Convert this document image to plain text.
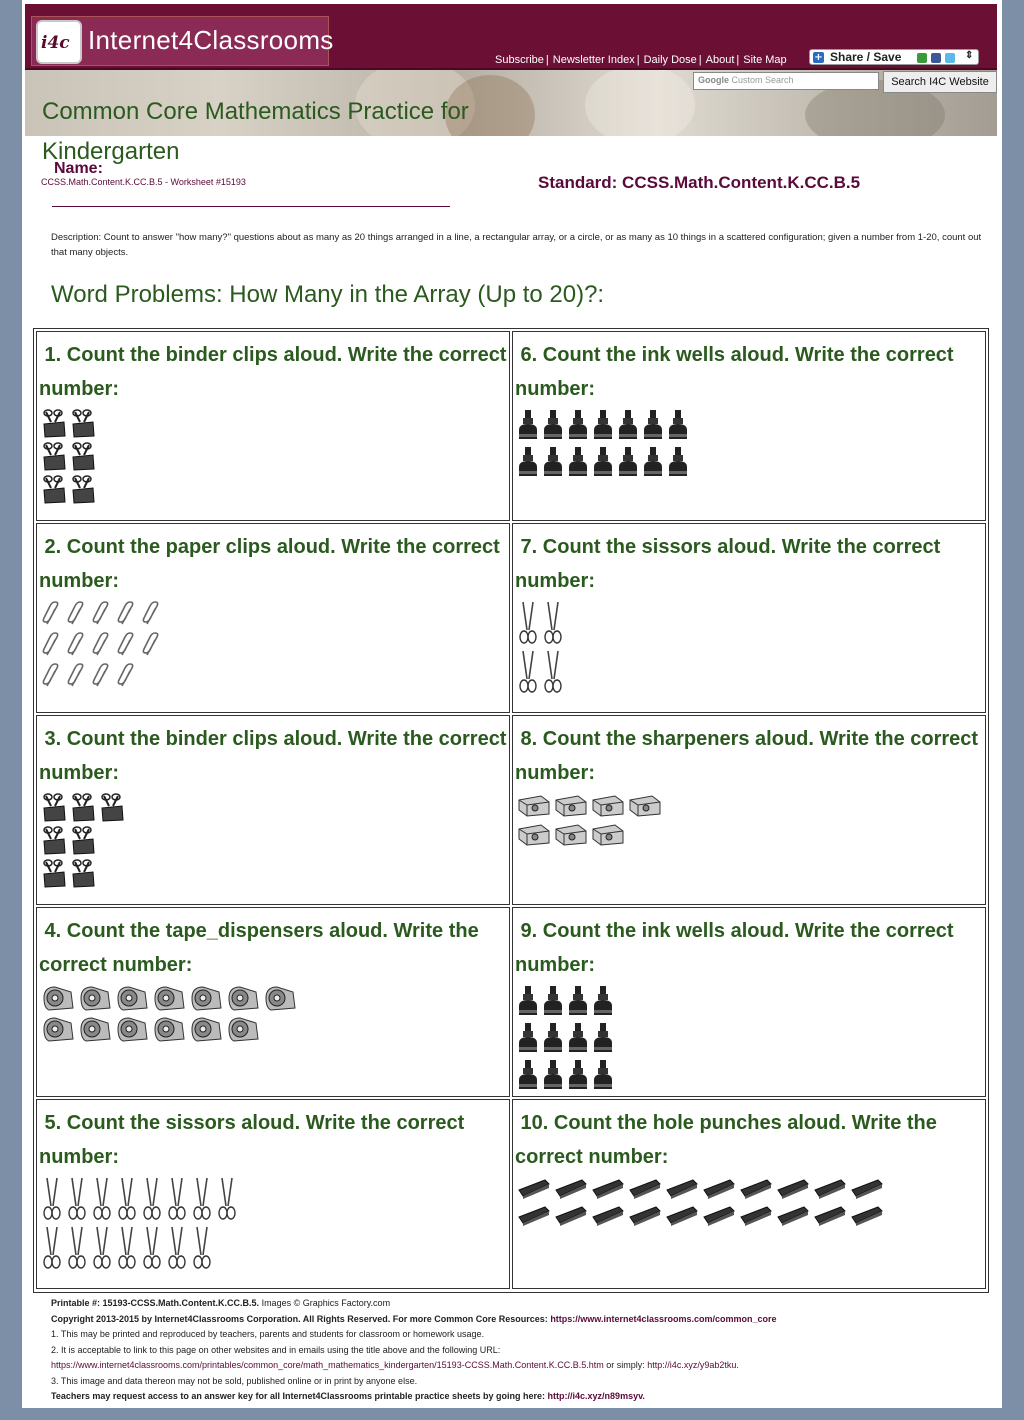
i4c Internet4Classrooms
Subscribe | Newsletter Index | Daily Dose | About | Site Map	+ Share / Save	⇕
Google Custom Search	Search I4C Website
Common Core Mathematics Practice for Kindergarten
Name:
CCSS.Math.Content.K.CC.B.5 - Worksheet #15193	Standard: CCSS.Math.Content.K.CC.B.5
Description: Count to answer "how many?" questions about as many as 20 things arranged in a line, a rectangular array, or a circle, or as many as 10 things in a scattered configuration; given a number from 1-20, count out that many objects.
Word Problems: How Many in the Array (Up to 20)?:
1. Count the binder clips aloud. Write the correct number:
2. Count the paper clips aloud. Write the correct number:
3. Count the binder clips aloud. Write the correct number:
4. Count the tape_dispensers aloud. Write the correct number:
5. Count the sissors aloud. Write the correct number:
6. Count the ink wells aloud. Write the correct number:
7. Count the sissors aloud. Write the correct number:
8. Count the sharpeners aloud. Write the correct number:
9. Count the ink wells aloud. Write the correct number:
10. Count the hole punches aloud. Write the correct number:
Printable #: 15193-CCSS.Math.Content.K.CC.B.5. Images © Graphics Factory.com
Copyright 2013-2015 by Internet4Classrooms Corporation. All Rights Reserved. For more Common Core Resources: https://www.internet4classrooms.com/common_core
1. This may be printed and reproduced by teachers, parents and students for classroom or homework usage.
2. It is acceptable to link to this page on other websites and in emails using the title above and the following URL:
https://www.internet4classrooms.com/printables/common_core/math_mathematics_kindergarten/15193-CCSS.Math.Content.K.CC.B.5.htm or simply: http://i4c.xyz/y9ab2tku.
3. This image and data thereon may not be sold, published online or in print by anyone else.
Teachers may request access to an answer key for all Internet4Classrooms printable practice sheets by going here: http://i4c.xyz/n89msyv.
